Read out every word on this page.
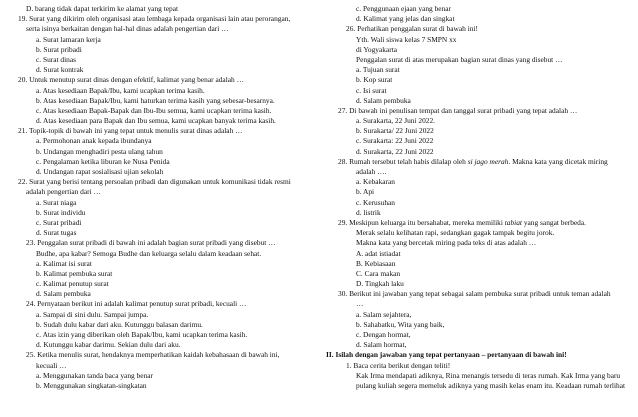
D. barang tidak dapat terkirim ke alamat yang tepat
19. Surat yang dikirim oleh organisasi atau lembaga kepada organisasi lain atau perorangan,
serta isinya berkaitan dengan hal-hal dinas adalah pengertian dari …
a. Surat lamaran kerja
b. Surat pribadi
c. Surat dinas
d. Surat kontrak
20. Untuk menutup surat dinas dengan efektif, kalimat yang benar adalah …
a. Atas kesediaan Bapak/Ibu, kami ucapkan terima kasih.
b. Atas kesediaan Bapak/Ibu, kami haturkan terima kasih yang sebesar-besarnya.
c. Atas kesediaan Bapak-Bapak dan Ibu-Ibu semua, kami ucapkan terima kasih.
d. Atas kesediaan para Bapak dan Ibu semua, kami ucapkan banyak terima kasih.
21. Topik-topik di bawah ini yang tepat untuk menulis surat dinas adalah …
a. Permohonan anak kepada ibundanya
b. Undangan menghadiri pesta ulang tahun
c. Pengalaman ketika liburan ke Nusa Penida
d. Undangan rapat sosialisasi ujian sekolah
22. Surat yang berisi tentang persoalan pribadi dan digunakan untuk komunikasi tidak resmi
adalah pengertian dari …
a. Surat niaga
b. Surat individu
c. Surat pribadi
d. Surat tugas
23. Penggalan surat pribadi di bawah ini adalah bagian surat pribadi yang disebut …
Budhe, apa kabar? Semoga Budhe dan keluarga selalu dalam keadaan sehat.
a. Kalimat isi surat
b. Kalimat pembuka surat
c. Kalimat penutup surat
d. Salam pembuka
24. Pernyataan berikut ini adalah kalimat penutup surat pribadi, kecuali …
a. Sampai di sini dulu. Sampai jumpa.
b. Sudah dulu kabar dari aku. Kutunggu balasan darimu.
c. Atas izin yang diberikan oleh Bapak/Ibu, kami ucapkan terima kasih.
d. Kutunggu kabar darimu. Sekian dulu dari aku.
25. Ketika menulis surat, hendaknya memperhatikan kaidah kebahasaan di bawah ini,
kecuali …
a. Menggunakan tanda baca yang benar
b. Menggunakan singkatan-singkatan
c. Penggunaan ejaan yang benar
d. Kalimat yang jelas dan singkat
26. Perhatikan penggalan surat di bawah ini!
Yth. Wali siswa kelas 7 SMPN xx
di Yogyakarta
Penggalan surat di atas merupakan bagian surat dinas yang disebut …
a. Tujuan surat
b. Kop surat
c. Isi surat
d. Salam pembuka
27. Di bawah ini penulisan tempat dan tanggal surat pribadi yang tepat adalah …
a. Surakarta, 22 Juni 2022.
b. Surakarta/ 22 Juni 2022
c. Surakarta: 22 Juni 2022
d. Surakarta, 22 Juni 2022
28. Rumah tersebut telah habis dilalap oleh si jago merah. Makna kata yang dicetak miring
adalah ….
a. Kebakaran
b. Api
c. Kerusuhan
d. listrik
29. Meskipun keluarga itu bersahabat, mereka memiliki tabiat yang sangat berbeda.
Merak selalu kelihatan rapi, sedangkan gagak tampak begitu jorok.
Makna kata yang bercetak miring pada teks di atas adalah …
A. adat istiadat
B. Kebiasaan
C. Cara makan
D. Tingkah laku
30. Berikut ini jawaban yang tepat sebagai salam pembuka surat pribadi untuk teman adalah
…
a. Salam sejahtera,
b. Sahabatku, Wita yang baik,
c. Dengan hormat,
d. Salam hormat,
II. Isilah dengan jawaban yang tepat pertanyaan – pertanyaan di bawah ini!
1. Baca cerita berikut dengan teliti!
Kak Irma mendapati adiknya, Rina menangis tersedu di teras rumah. Kak Irma yang baru
pulang kuliah segera memeluk adiknya yang masih kelas enam itu. Keadaan rumah terlihat
